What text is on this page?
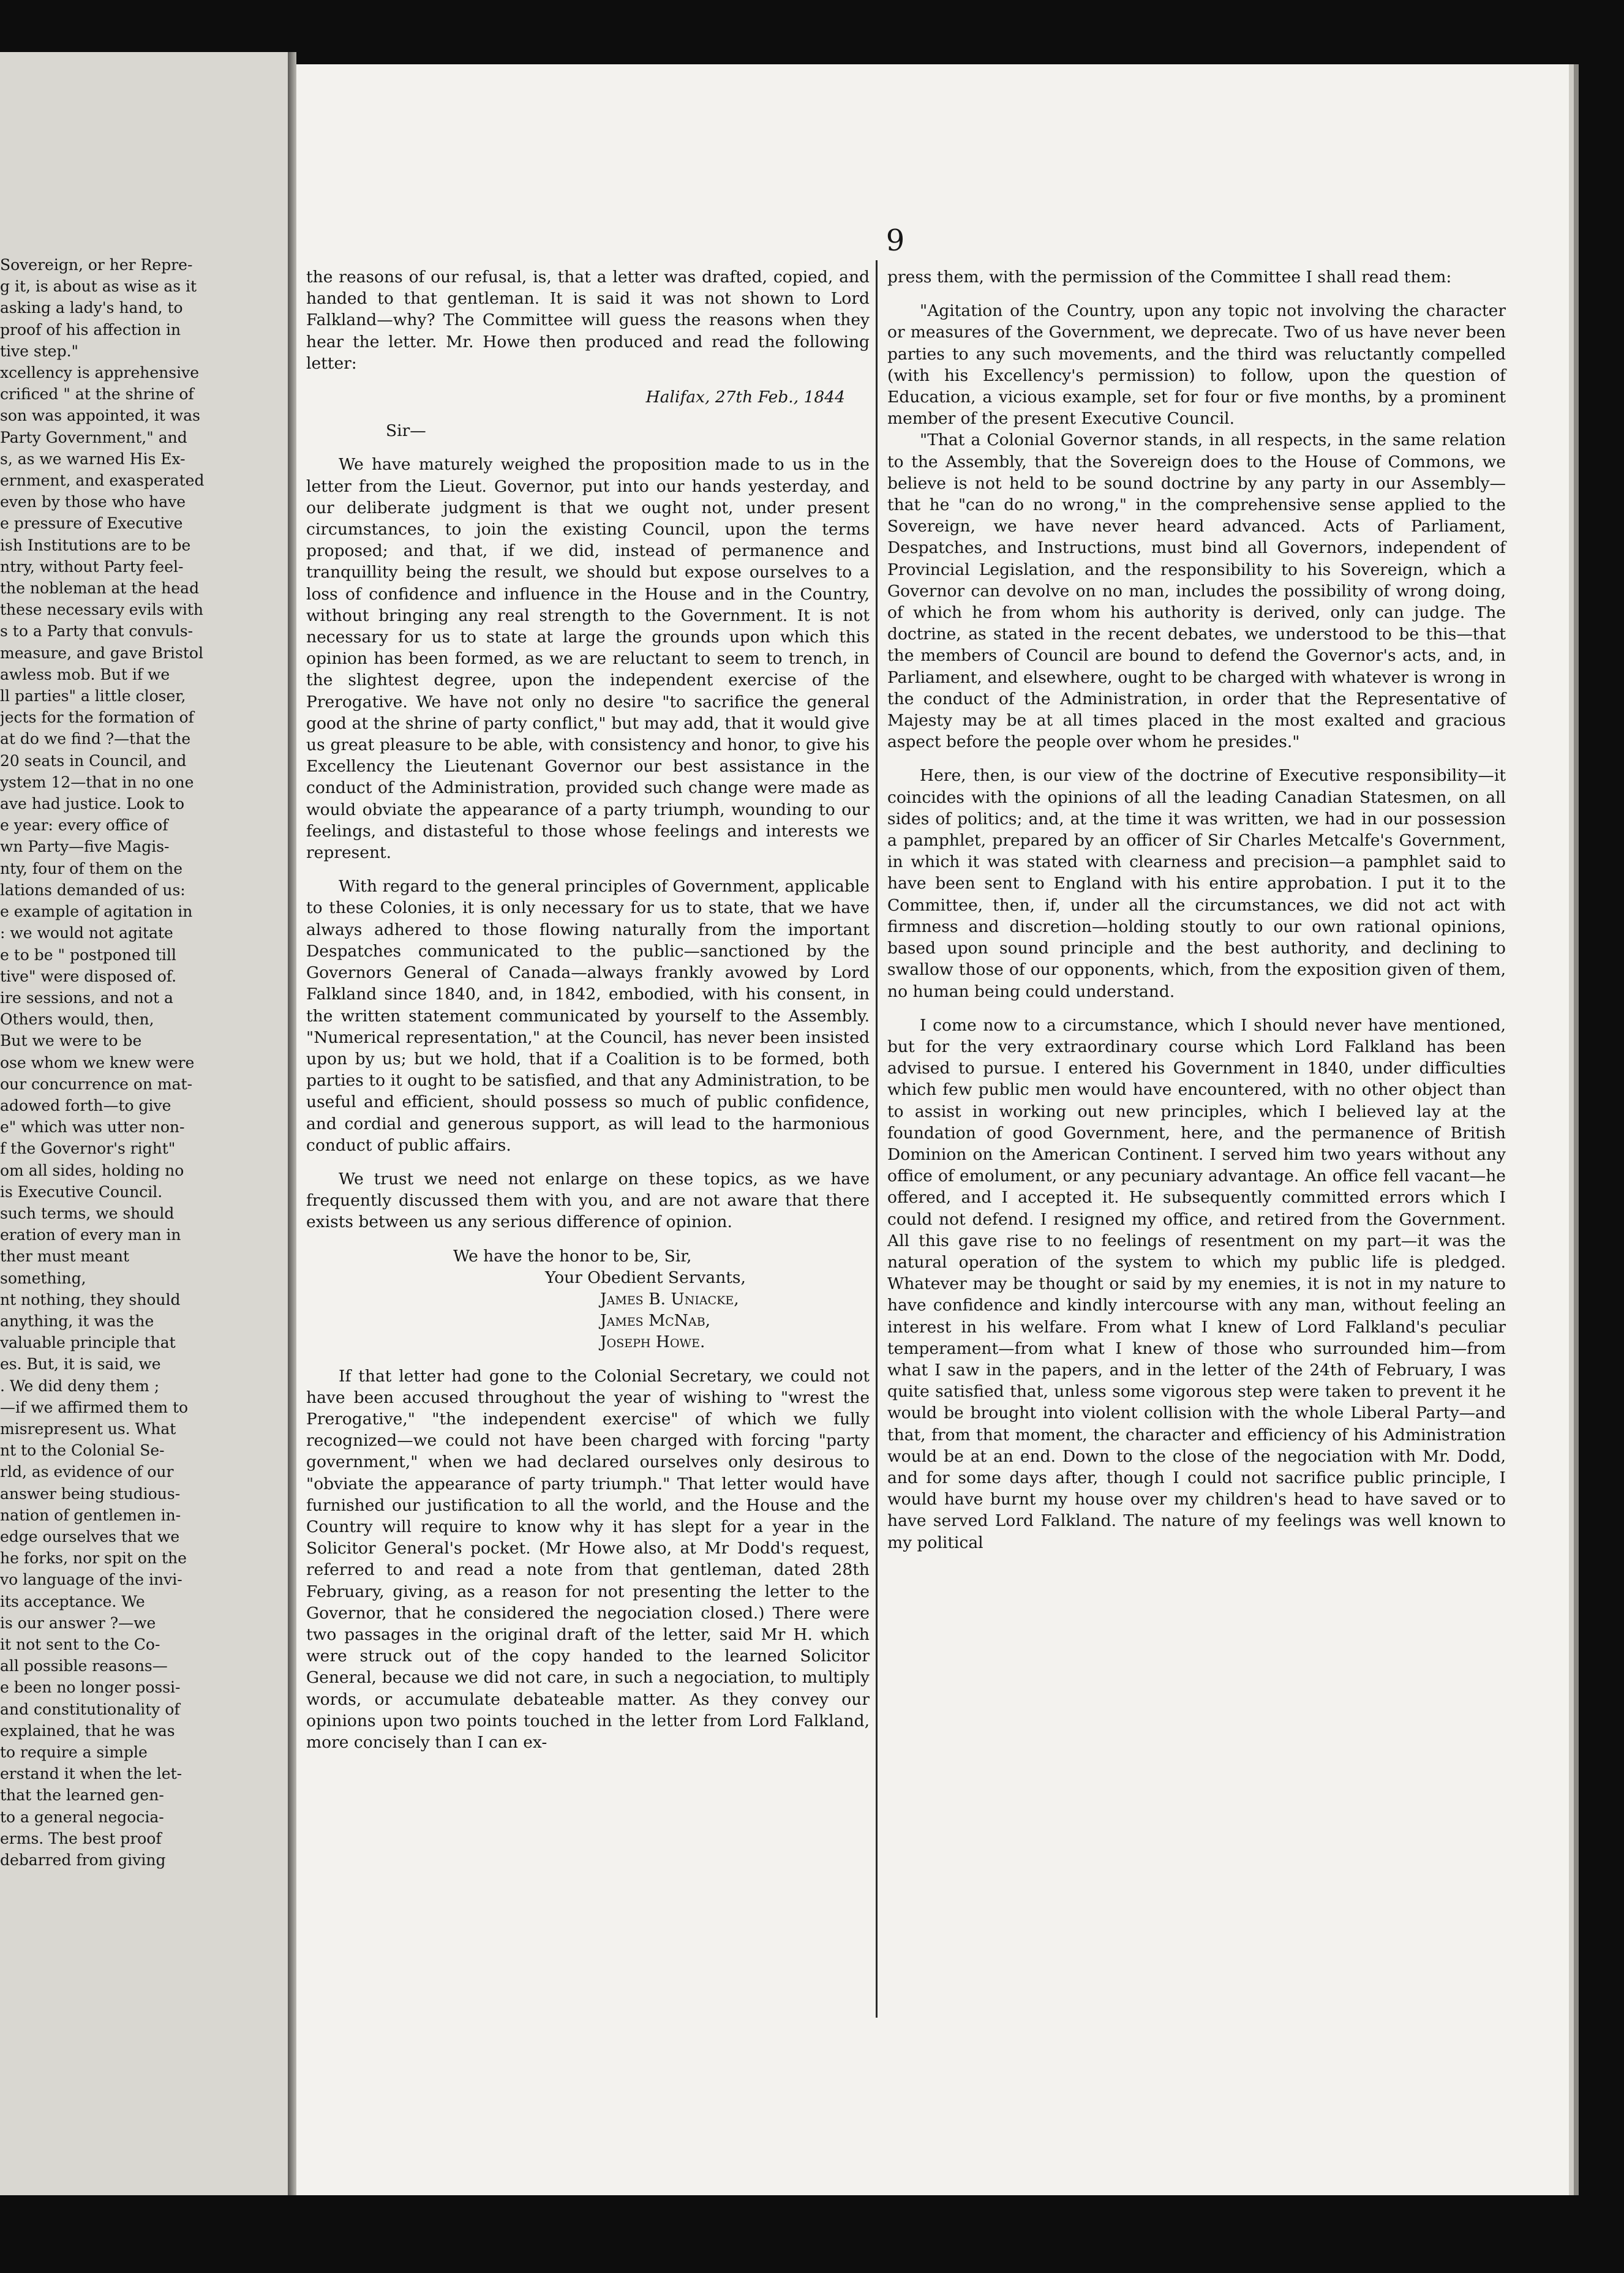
Sovereign, or her Repre-
g it, is about as wise as it
asking a lady's hand, to
proof of his affection in
tive step."
xcellency is apprehensive
crificed " at the shrine of
son was appointed, it was
Party Government," and
s, as we warned His Ex-
ernment, and exasperated
even by those who have
e pressure of Executive
ish Institutions are to be
ntry, without Party feel-
the nobleman at the head
these necessary evils with
s to a Party that convuls-
measure, and gave Bristol
awless mob. But if we
ll parties" a little closer,
jects for the formation of
at do we find ?—that the
20 seats in Council, and
ystem 12—that in no one
ave had justice. Look to
e year: every office of
wn Party—five Magis-
nty, four of them on the
lations demanded of us:
e example of agitation in
: we would not agitate
e to be " postponed till
tive" were disposed of.
ire sessions, and not a
Others would, then,
But we were to be
ose whom we knew were
our concurrence on mat-
adowed forth—to give
e" which was utter non-
f the Governor's right"
om all sides, holding no
is Executive Council.
such terms, we should
eration of every man in
ther must meant something,
nt nothing, they should
anything, it was the
valuable principle that
es. But, it is said, we
. We did deny them ;
—if we affirmed them to
misrepresent us. What
nt to the Colonial Se-
rld, as evidence of our
answer being studious-
nation of gentlemen in-
edge ourselves that we
he forks, nor spit on the
vo language of the invi-
its acceptance. We
is our answer ?—we
it not sent to the Co-
all possible reasons—
e been no longer possi-
and constitutionality of
explained, that he was
to require a simple
erstand it when the let-
that the learned gen-
to a general negocia-
erms. The best proof
debarred from giving
9

the reasons of our refusal, is, that a letter was drafted, copied, and handed to that gentleman. It is said it was not shown to Lord Falkland—why? The Committee will guess the reasons when they hear the letter. Mr. Howe then produced and read the following letter:

Halifax, 27th Feb., 1844

Sir—

We have maturely weighed the proposition made to us in the letter from the Lieut. Governor, put into our hands yesterday, and our deliberate judgment is that we ought not, under present circumstances, to join the existing Council, upon the terms proposed; and that, if we did, instead of permanence and tranquillity being the result, we should but expose ourselves to a loss of confidence and influence in the House and in the Country, without bringing any real strength to the Government. It is not necessary for us to state at large the grounds upon which this opinion has been formed, as we are reluctant to seem to trench, in the slightest degree, upon the independent exercise of the Prerogative. We have not only no desire "to sacrifice the general good at the shrine of party conflict," but may add, that it would give us great pleasure to be able, with consistency and honor, to give his Excellency the Lieutenant Governor our best assistance in the conduct of the Administration, provided such change were made as would obviate the appearance of a party triumph, wounding to our feelings, and distasteful to those whose feelings and interests we represent.

With regard to the general principles of Government, applicable to these Colonies, it is only necessary for us to state, that we have always adhered to those flowing naturally from the important Despatches communicated to the public—sanctioned by the Governors General of Canada—always frankly avowed by Lord Falkland since 1840, and, in 1842, embodied, with his consent, in the written statement communicated by yourself to the Assembly. "Numerical representation," at the Council, has never been insisted upon by us; but we hold, that if a Coalition is to be formed, both parties to it ought to be satisfied, and that any Administration, to be useful and efficient, should possess so much of public confidence, and cordial and generous support, as will lead to the harmonious conduct of public affairs.

We trust we need not enlarge on these topics, as we have frequently discussed them with you, and are not aware that there exists between us any serious difference of opinion.

We have the honor to be, Sir,

Your Obedient Servants,

James B. Uniacke,

James McNab,

Joseph Howe.

If that letter had gone to the Colonial Secretary, we could not have been accused throughout the year of wishing to "wrest the Prerogative," "the independent exercise" of which we fully recognized—we could not have been charged with forcing "party government," when we had declared ourselves only desirous to "obviate the appearance of party triumph." That letter would have furnished our justification to all the world, and the House and the Country will require to know why it has slept for a year in the Solicitor General's pocket. (Mr Howe also, at Mr Dodd's request, referred to and read a note from that gentleman, dated 28th February, giving, as a reason for not presenting the letter to the Governor, that he considered the negociation closed.) There were two passages in the original draft of the letter, said Mr H. which were struck out of the copy handed to the learned Solicitor General, because we did not care, in such a negociation, to multiply words, or accumulate debateable matter. As they convey our opinions upon two points touched in the letter from Lord Falkland, more concisely than I can ex-

press them, with the permission of the Committee I shall read them:

"Agitation of the Country, upon any topic not involving the character or measures of the Government, we deprecate. Two of us have never been parties to any such movements, and the third was reluctantly compelled (with his Excellency's permission) to follow, upon the question of Education, a vicious example, set for four or five months, by a prominent member of the present Executive Council.

"That a Colonial Governor stands, in all respects, in the same relation to the Assembly, that the Sovereign does to the House of Commons, we believe is not held to be sound doctrine by any party in our Assembly—that he "can do no wrong," in the comprehensive sense applied to the Sovereign, we have never heard advanced. Acts of Parliament, Despatches, and Instructions, must bind all Governors, independent of Provincial Legislation, and the responsibility to his Sovereign, which a Governor can devolve on no man, includes the possibility of wrong doing, of which he from whom his authority is derived, only can judge. The doctrine, as stated in the recent debates, we understood to be this—that the members of Council are bound to defend the Governor's acts, and, in Parliament, and elsewhere, ought to be charged with whatever is wrong in the conduct of the Administration, in order that the Representative of Majesty may be at all times placed in the most exalted and gracious aspect before the people over whom he presides."

Here, then, is our view of the doctrine of Executive responsibility—it coincides with the opinions of all the leading Canadian Statesmen, on all sides of politics; and, at the time it was written, we had in our possession a pamphlet, prepared by an officer of Sir Charles Metcalfe's Government, in which it was stated with clearness and precision—a pamphlet said to have been sent to England with his entire approbation. I put it to the Committee, then, if, under all the circumstances, we did not act with firmness and discretion—holding stoutly to our own rational opinions, based upon sound principle and the best authority, and declining to swallow those of our opponents, which, from the exposition given of them, no human being could understand.

I come now to a circumstance, which I should never have mentioned, but for the very extraordinary course which Lord Falkland has been advised to pursue. I entered his Government in 1840, under difficulties which few public men would have encountered, with no other object than to assist in working out new principles, which I believed lay at the foundation of good Government, here, and the permanence of British Dominion on the American Continent. I served him two years without any office of emolument, or any pecuniary advantage. An office fell vacant—he offered, and I accepted it. He subsequently committed errors which I could not defend. I resigned my office, and retired from the Government. All this gave rise to no feelings of resentment on my part—it was the natural operation of the system to which my public life is pledged. Whatever may be thought or said by my enemies, it is not in my nature to have confidence and kindly intercourse with any man, without feeling an interest in his welfare. From what I knew of Lord Falkland's peculiar temperament—from what I knew of those who surrounded him—from what I saw in the papers, and in the letter of the 24th of February, I was quite satisfied that, unless some vigorous step were taken to prevent it he would be brought into violent collision with the whole Liberal Party—and that, from that moment, the character and efficiency of his Administration would be at an end. Down to the close of the negociation with Mr. Dodd, and for some days after, though I could not sacrifice public principle, I would have burnt my house over my children's head to have saved or to have served Lord Falkland. The nature of my feelings was well known to my political
